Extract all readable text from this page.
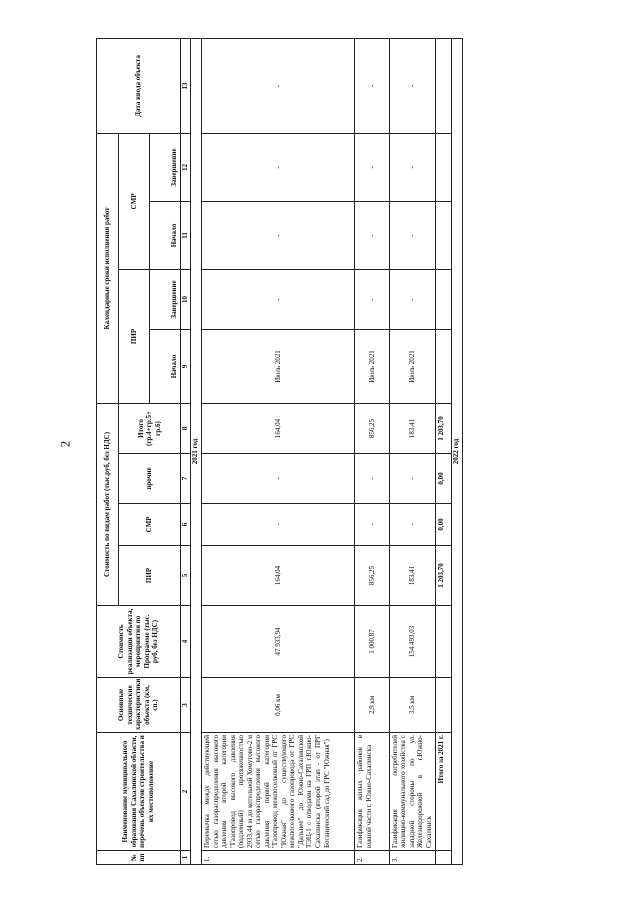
2
№ пп	Наименование муниципального образования Сахалинской области, перечень объектов строительства и их местоположение	Основные технические характеристики объекта (км, сп.)	Стоимость реализации объекта, мероприятия по Программе (тыс. руб, без НДС)	Стоимость по видам работ (тыс.руб, без НДС)				Календарные сроки исполнения работ				Дата ввода объекта
				ПИР	СМР	прочие	Итого (гр.4+гр.5+ гр.6)	ПИР		СМР		
								Начало	Завершение	Начало	Завершение	
1	2	3	4	5	6	7	8	9	10	11	12	13
2021 год												
1.	Перемычка между действующей сетью газораспределения высокого давления второй категории "Газопровод высокого давления (подземный) протяженностью 2933,44 м до котельной Хомутово-2 и сетью газораспределения высокого давления первой категории "Газопровод межпоселковый от ГРС "Южная" до существующего межпоселкового газопровода от ГРС "Дальнее" до Южно-Сахалинской ТЭЦ-1 с отводами на ГРП г.Южно-Сахалинска (второй этап - от ПРГ Ботанический сад до ГРС "Южная")	0,06 км	47 933,94	164,04	-	-	164,04	Июль 2021	-	-	-	-
2.	Газификация жилых районов в южной части г. Южно-Сахалинска	2,9 км	1 000,87	856,25	-	-	856,25	Июль 2021	-	-	-	-
3.	Газификация потребителей жилищно-коммунального хозяйства с западной стороны по ул. Железнодорожной в г.Южно-Сахалинск	3,5 км	154 493,03	183,41	-	-	183,41	Июль 2021	-	-	-	-
	Итого за 2021 г.			1 203,70	0,00	0,00	1 203,70					
2022 год												
